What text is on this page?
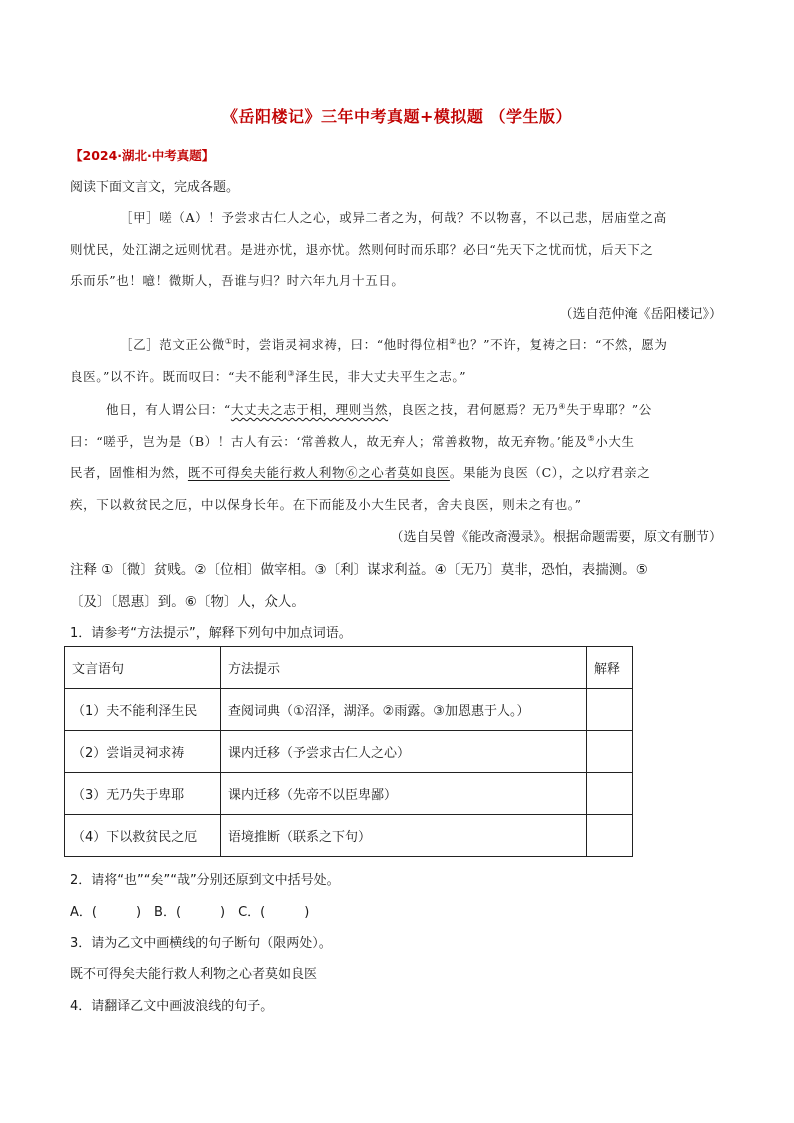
《岳阳楼记》三年中考真题+模拟题 （学生版）
【2024·湖北·中考真题】
阅读下面文言文，完成各题。
［甲］嗟（A）！予尝求古仁人之心，或异二者之为，何哉？不以物喜，不以己悲，居庙堂之高
则忧民，处江湖之远则忧君。是进亦忧，退亦忧。然则何时而乐耶？必曰“先天下之忧而忧，后天下之
乐而乐”也！噫！微斯人，吾谁与归？时六年九月十五日。
（选自范仲淹《岳阳楼记》）
［乙］范文正公微①时，尝诣灵祠求祷，曰：“他时得位相②也？”不许，复祷之曰：“不然，愿为
良医。”以不许。既而叹曰：“夫不能利③泽生民，非大丈夫平生之志。”
他日，有人谓公曰：“大丈夫之志于相，理则当然，良医之技，君何愿焉？无乃④失于卑耶？”公
曰：“嗟乎，岂为是（B）！古人有云：‘常善救人，故无弃人；常善救物，故无弃物。’能及⑤小大生
民者，固惟相为然，既不可得矣夫能行救人利物⑥之心者莫如良医。果能为良医（C），之以疗君亲之
疾，下以救贫民之厄，中以保身长年。在下而能及小大生民者，舍夫良医，则未之有也。”
（选自吴曾《能改斋漫录》。根据命题需要，原文有删节）
注释 ①〔微〕贫贱。②〔位相〕做宰相。③〔利〕谋求利益。④〔无乃〕莫非，恐怕，表揣测。⑤
〔及〕〔恩惠〕到。⑥〔物〕人，众人。
1．请参考“方法提示”，解释下列句中加点词语。
文言语句	方法提示	解释
（1）夫不能利泽生民	查阅词典（①沼泽，湖泽。②雨露。③加恩惠于人。）	
（2）尝诣灵祠求祷	课内迁移（予尝求古仁人之心）	
（3）无乃失于卑耶	课内迁移（先帝不以臣卑鄙）	
（4）下以救贫民之厄	语境推断（联系之下句）	
2．请将“也”“矣”“哉”分别还原到文中括号处。
A．(　　　)　B．(　　　)　C．(　　　)
3．请为乙文中画横线的句子断句（限两处）。
既不可得矣夫能行救人利物之心者莫如良医
4．请翻译乙文中画波浪线的句子。
